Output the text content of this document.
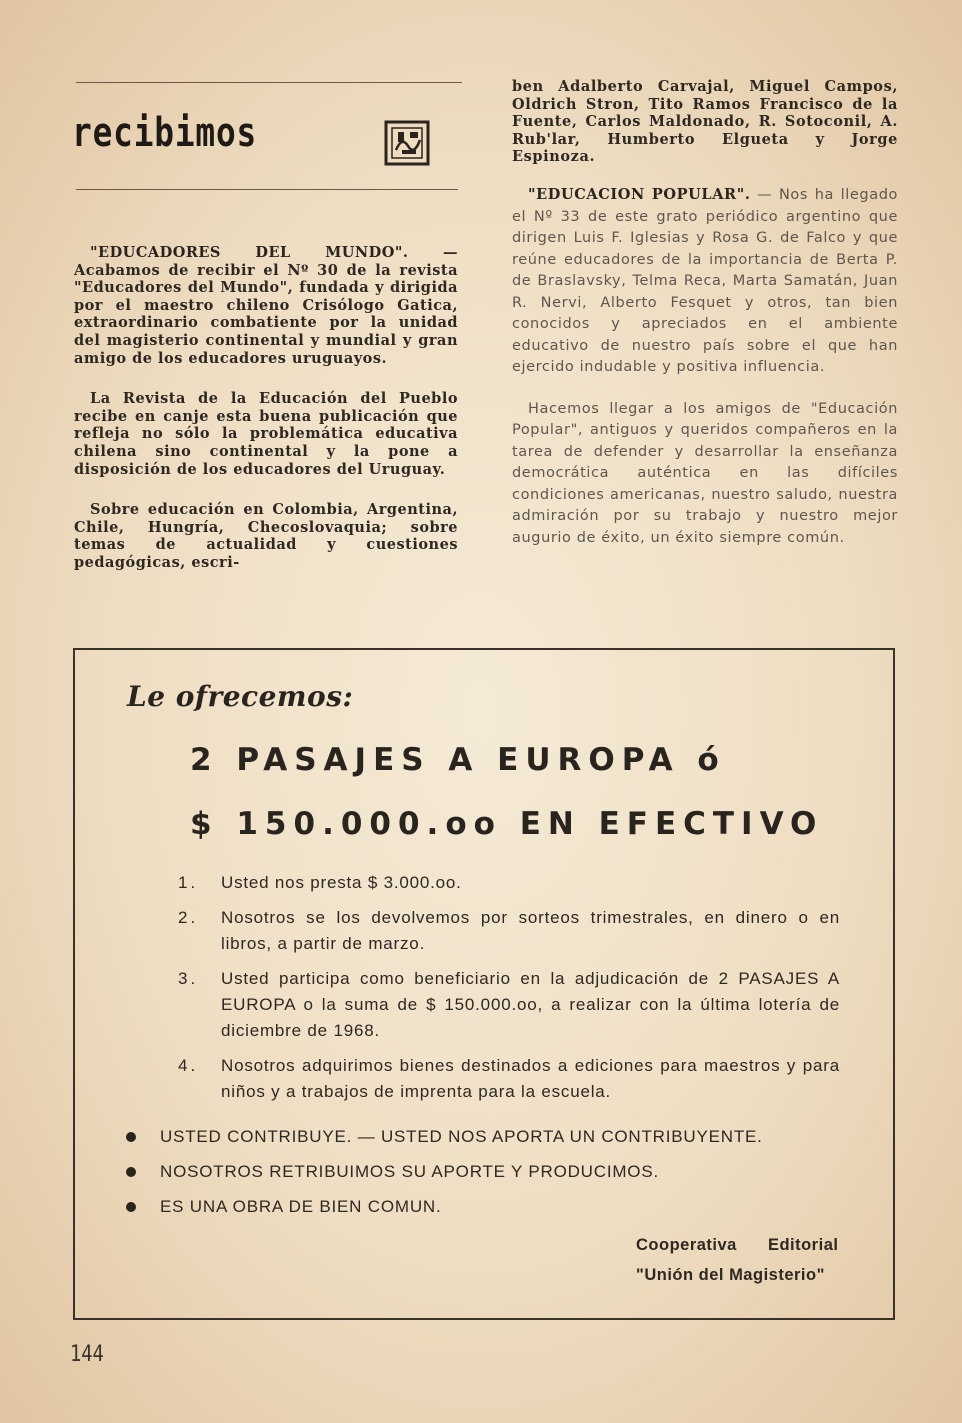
recibimos

"EDUCADORES DEL MUNDO". — Acabamos de recibir el Nº 30 de la revista "Educadores del Mundo", fundada y dirigida por el maestro chileno Crisólogo Gatica, extraordinario combatiente por la unidad del magisterio continental y mundial y gran amigo de los educadores uruguayos.

La Revista de la Educación del Pueblo recibe en canje esta buena publicación que refleja no sólo la problemática educativa chilena sino continental y la pone a disposición de los educadores del Uruguay.

Sobre educación en Colombia, Argentina, Chile, Hungría, Checoslovaquia; sobre temas de actualidad y cuestiones pedagógicas, escri-

ben Adalberto Carvajal, Miguel Campos, Oldrich Stron, Tito Ramos Francisco de la Fuente, Carlos Maldonado, R. Sotoconil, A. Rub'lar, Humberto Elgueta y Jorge Espinoza.

"EDUCACION POPULAR". — Nos ha llegado el Nº 33 de este grato periódico argentino que dirigen Luis F. Iglesias y Rosa G. de Falco y que reúne educadores de la importancia de Berta P. de Braslavsky, Telma Reca, Marta Samatán, Juan R. Nervi, Alberto Fesquet y otros, tan bien conocidos y apreciados en el ambiente educativo de nuestro país sobre el que han ejercido indudable y positiva influencia.

Hacemos llegar a los amigos de "Educación Popular", antiguos y queridos compañeros en la tarea de defender y desarrollar la enseñanza democrática auténtica en las difíciles condiciones americanas, nuestro saludo, nuestra admiración por su trabajo y nuestro mejor augurio de éxito, un éxito siempre común.

Le ofrecemos:
2 PASAJES A EUROPA ó
$ 150.000.oo EN EFECTIVO
1. Usted nos presta $ 3.000.oo.
2. Nosotros se los devolvemos por sorteos trimestrales, en dinero o en libros, a partir de marzo.
3. Usted participa como beneficiario en la adjudicación de 2 PASAJES A EUROPA o la suma de $ 150.000.oo, a realizar con la última lotería de diciembre de 1968.
4. Nosotros adquirimos bienes destinados a ediciones para maestros y para niños y a trabajos de imprenta para la escuela.
USTED CONTRIBUYE. — USTED NOS APORTA UN CONTRIBUYENTE.
NOSOTROS RETRIBUIMOS SU APORTE Y PRODUCIMOS.
ES UNA OBRA DE BIEN COMUN.
Cooperativa Editorial
"Unión del Magisterio"
144
